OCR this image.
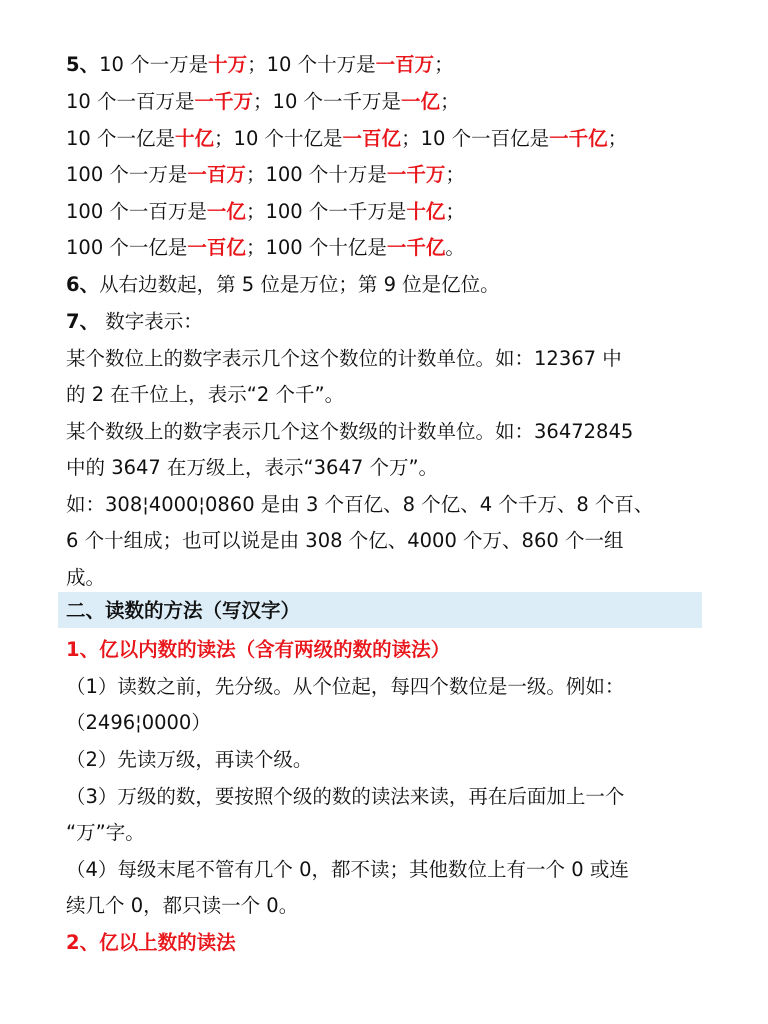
5、10 个一万是十万；10 个十万是一百万；
10 个一百万是一千万；10 个一千万是一亿；
10 个一亿是十亿；10 个十亿是一百亿；10 个一百亿是一千亿；
100 个一万是一百万；100 个十万是一千万；
100 个一百万是一亿；100 个一千万是十亿；
100 个一亿是一百亿；100 个十亿是一千亿。
6、从右边数起，第 5 位是万位；第 9 位是亿位。
7、 数字表示：
某个数位上的数字表示几个这个数位的计数单位。如：12367 中
的 2 在千位上，表示“2 个千”。
某个数级上的数字表示几个这个数级的计数单位。如：36472845
中的 3647 在万级上，表示“3647 个万”。
如：308¦4000¦0860 是由 3 个百亿、8 个亿、4 个千万、8 个百、
6 个十组成；也可以说是由 308 个亿、4000 个万、860 个一组
成。
二、读数的方法（写汉字）
1、亿以内数的读法（含有两级的数的读法）
（1）读数之前，先分级。从个位起，每四个数位是一级。例如：
（2496¦0000）
（2）先读万级，再读个级。
（3）万级的数，要按照个级的数的读法来读，再在后面加上一个
“万”字。
（4）每级末尾不管有几个 0，都不读；其他数位上有一个 0 或连
续几个 0，都只读一个 0。
2、亿以上数的读法
